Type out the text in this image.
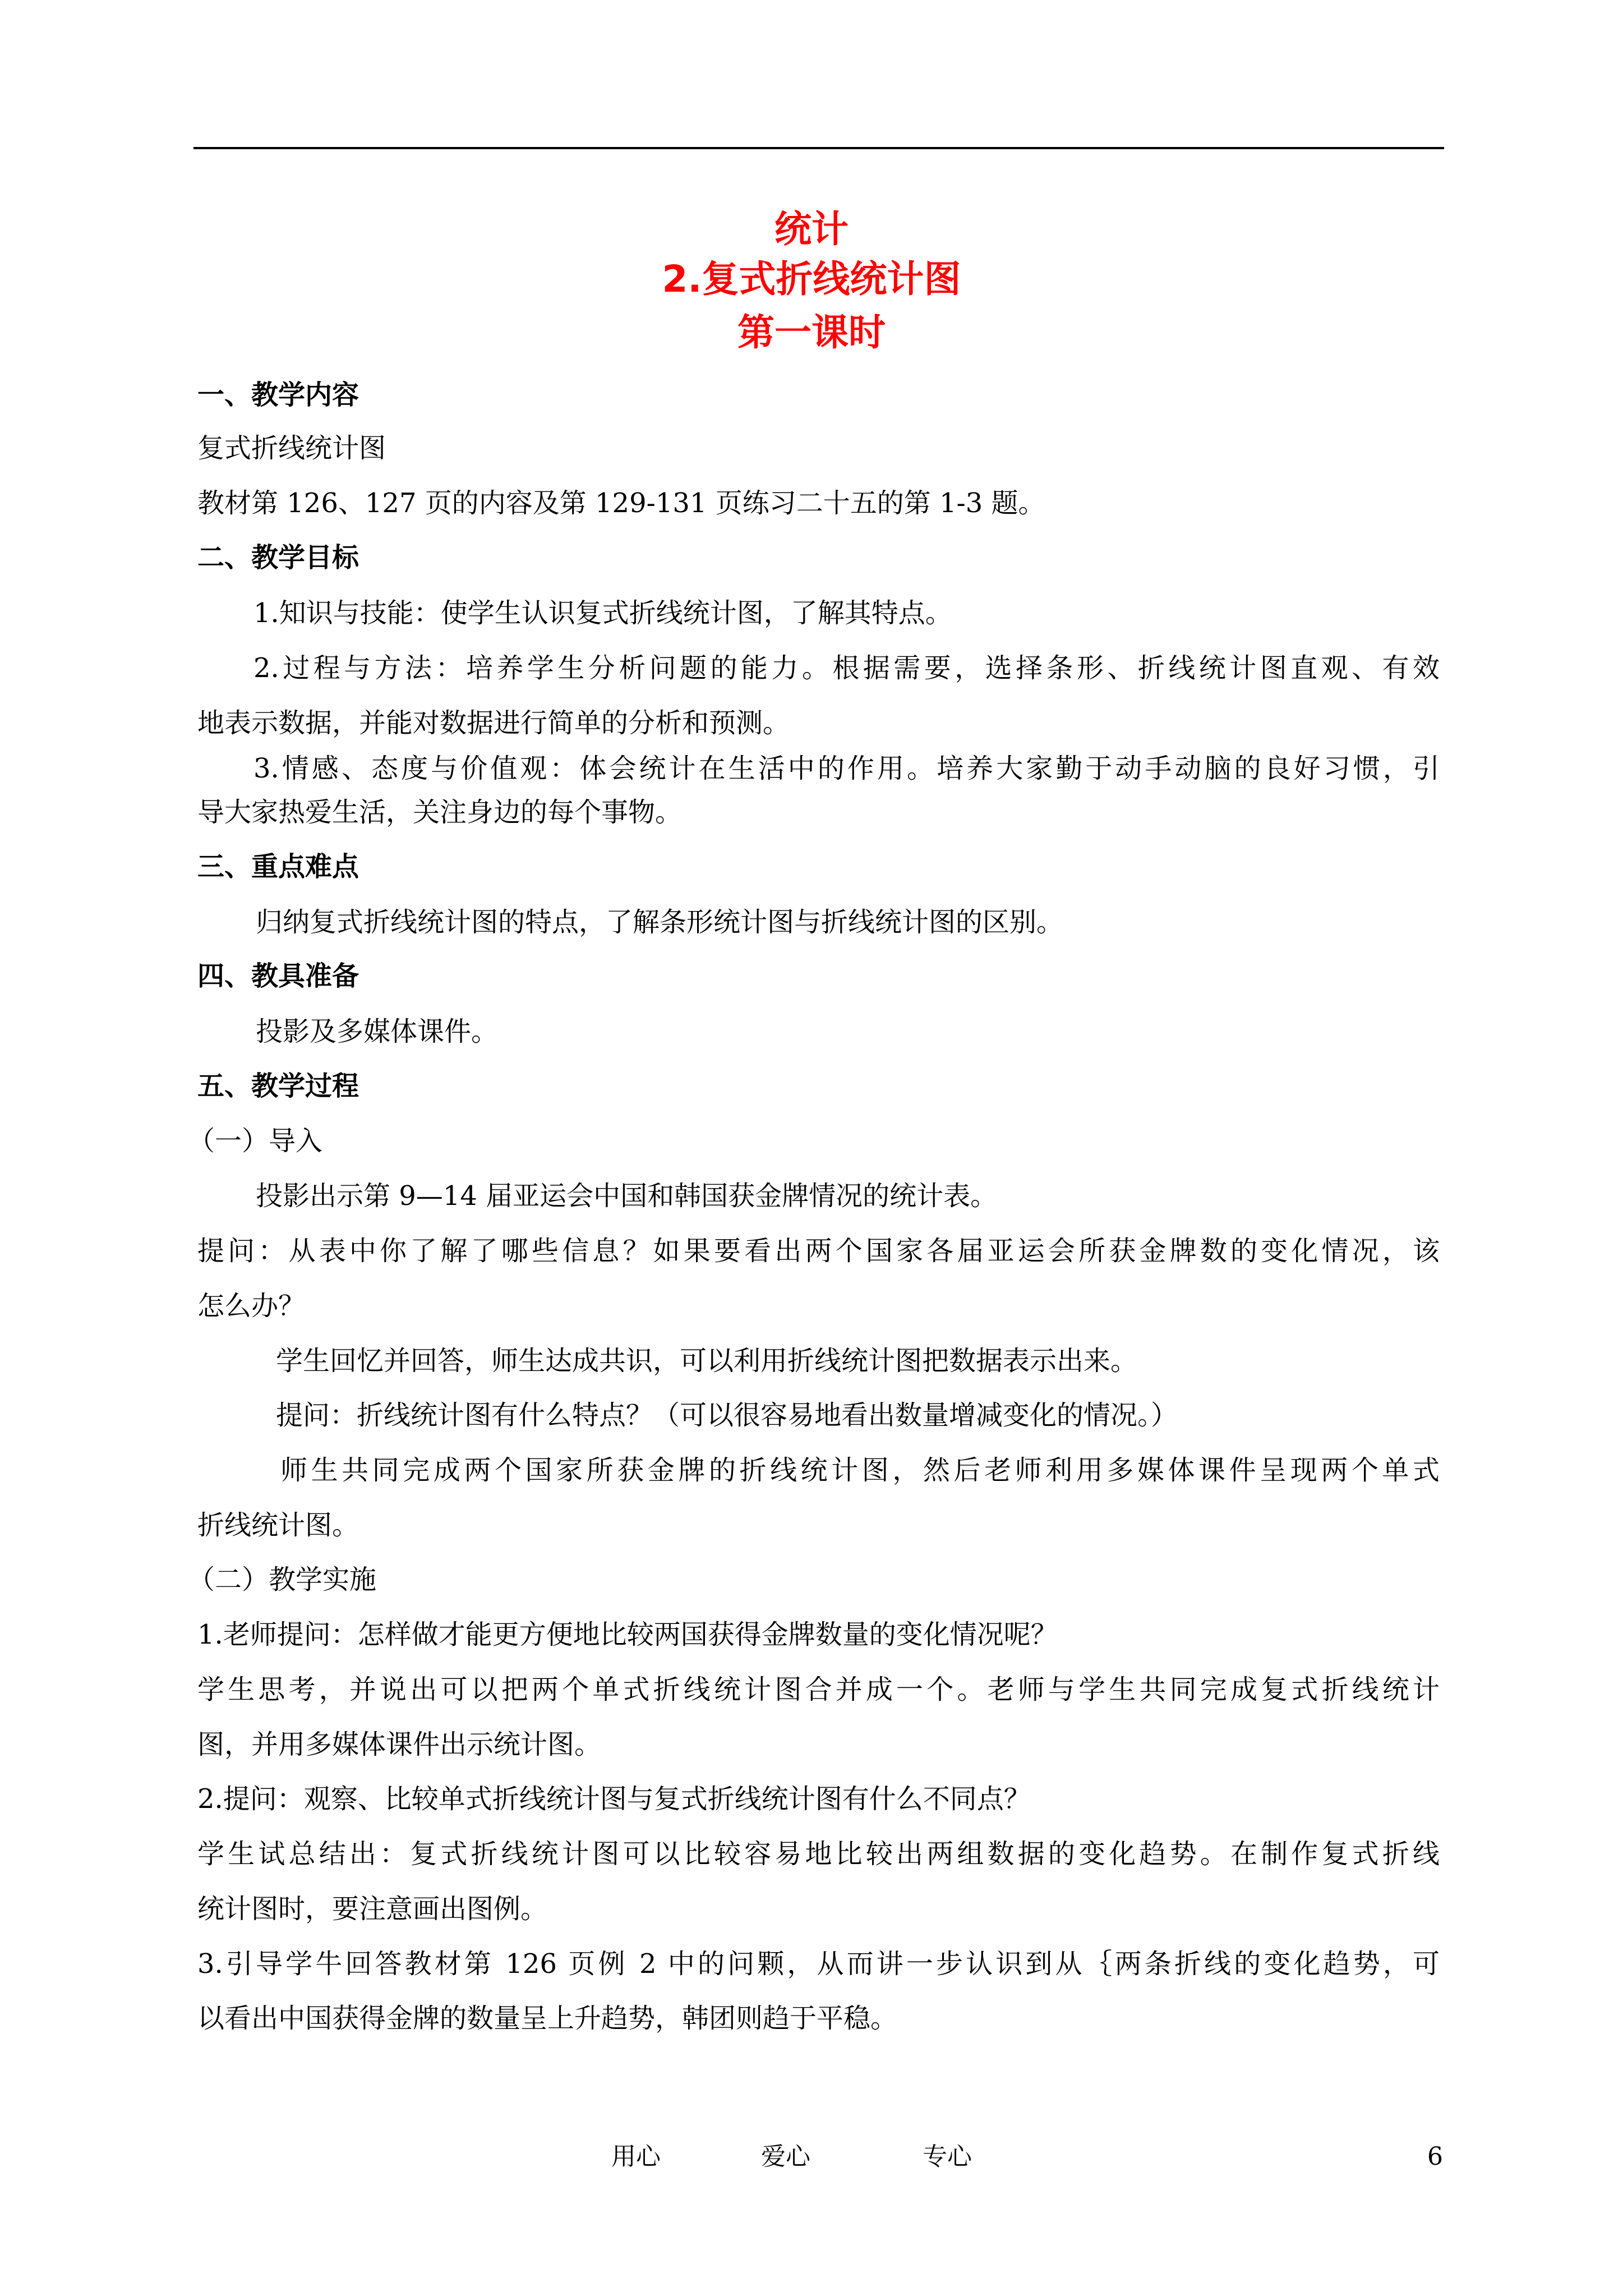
统计
2.复式折线统计图
第一课时
一、教学内容
复式折线统计图
教材第 126、127 页的内容及第 129-131 页练习二十五的第 1-3 题。
二、教学目标
1.知识与技能：使学生认识复式折线统计图，了解其特点。
2.过程与方法：培养学生分析问题的能力。根据需要，选择条形、折线统计图直观、有效
地表示数据，并能对数据进行简单的分析和预测。
3.情感、态度与价值观：体会统计在生活中的作用。培养大家勤于动手动脑的良好习惯，引
导大家热爱生活，关注身边的每个事物。
三、重点难点
归纳复式折线统计图的特点，了解条形统计图与折线统计图的区别。
四、教具准备
投影及多媒体课件。
五、教学过程
（一）导入
投影出示第 9—14 届亚运会中国和韩国获金牌情况的统计表。
提问：从表中你了解了哪些信息？如果要看出两个国家各届亚运会所获金牌数的变化情况，该
怎么办？
学生回忆并回答，师生达成共识，可以利用折线统计图把数据表示出来。
提问：折线统计图有什么特点？（可以很容易地看出数量增减变化的情况。）
师生共同完成两个国家所获金牌的折线统计图，然后老师利用多媒体课件呈现两个单式
折线统计图。
（二）教学实施
1.老师提问：怎样做才能更方便地比较两国获得金牌数量的变化情况呢？
学生思考，并说出可以把两个单式折线统计图合并成一个。老师与学生共同完成复式折线统计
图，并用多媒体课件出示统计图。
2.提问：观察、比较单式折线统计图与复式折线统计图有什么不同点？
学生试总结出：复式折线统计图可以比较容易地比较出两组数据的变化趋势。在制作复式折线
统计图时，要注意画出图例。
3.引导学牛回答教材第 126 页例 2 中的问颗，从而讲一步认识到从｛两条折线的变化趋势，可
以看出中国获得金牌的数量呈上升趋势，韩团则趋于平稳。
用心	爱心	专心	6
